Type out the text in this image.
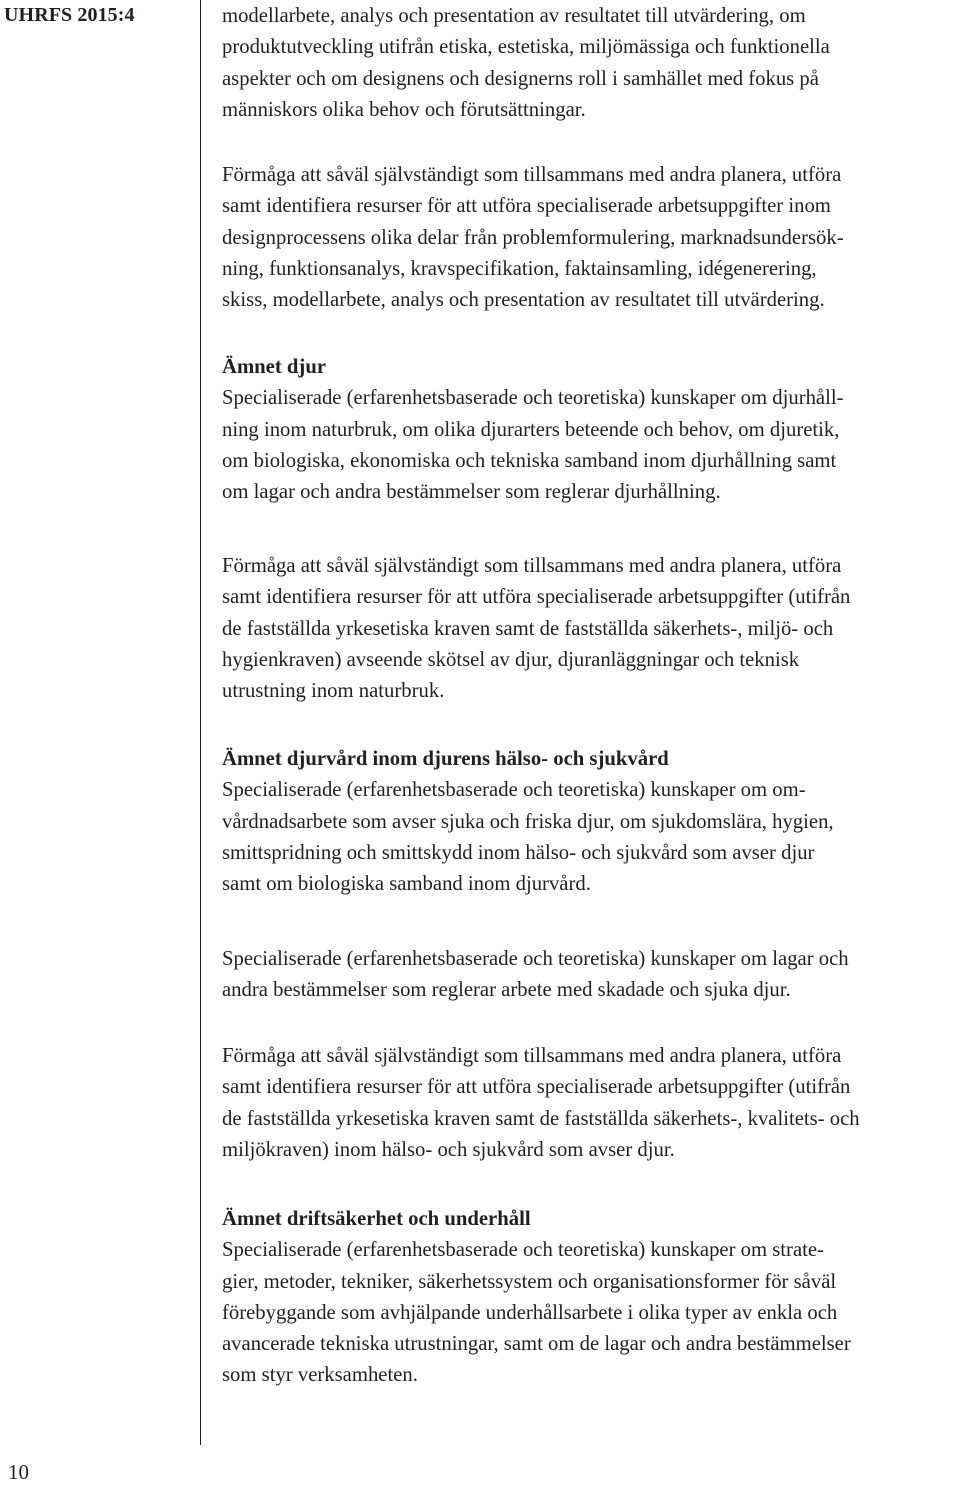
UHRFS 2015:4
10

modellarbete, analys och presentation av resultatet till utvärdering, om
produktutveckling utifrån etiska, estetiska, miljömässiga och funktionella
aspekter och om designens och designerns roll i samhället med fokus på
människors olika behov och förutsättningar.

Förmåga att såväl självständigt som tillsammans med andra planera, utföra
samt identifiera resurser för att utföra specialiserade arbetsuppgifter inom
designprocessens olika delar från problemformulering, marknadsundersök-
ning, funktionsanalys, kravspecifikation, faktainsamling, idégenerering,
skiss, modellarbete, analys och presentation av resultatet till utvärdering.

Ämnet djur

Specialiserade (erfarenhetsbaserade och teoretiska) kunskaper om djurhåll-
ning inom naturbruk, om olika djurarters beteende och behov, om djuretik,
om biologiska, ekonomiska och tekniska samband inom djurhållning samt
om lagar och andra bestämmelser som reglerar djurhållning.

Förmåga att såväl självständigt som tillsammans med andra planera, utföra
samt identifiera resurser för att utföra specialiserade arbetsuppgifter (utifrån
de fastställda yrkesetiska kraven samt de fastställda säkerhets-, miljö- och
hygienkraven) avseende skötsel av djur, djuranläggningar och teknisk
utrustning inom naturbruk.

Ämnet djurvård inom djurens hälso- och sjukvård

Specialiserade (erfarenhetsbaserade och teoretiska) kunskaper om om-
vårdnadsarbete som avser sjuka och friska djur, om sjukdomslära, hygien,
smittspridning och smittskydd inom hälso- och sjukvård som avser djur
samt om biologiska samband inom djurvård.

Specialiserade (erfarenhetsbaserade och teoretiska) kunskaper om lagar och
andra bestämmelser som reglerar arbete med skadade och sjuka djur.

Förmåga att såväl självständigt som tillsammans med andra planera, utföra
samt identifiera resurser för att utföra specialiserade arbetsuppgifter (utifrån
de fastställda yrkesetiska kraven samt de fastställda säkerhets-, kvalitets- och
miljökraven) inom hälso- och sjukvård som avser djur.

Ämnet driftsäkerhet och underhåll

Specialiserade (erfarenhetsbaserade och teoretiska) kunskaper om strate-
gier, metoder, tekniker, säkerhetssystem och organisationsformer för såväl
förebyggande som avhjälpande underhållsarbete i olika typer av enkla och
avancerade tekniska utrustningar, samt om de lagar och andra bestämmelser
som styr verksamheten.
